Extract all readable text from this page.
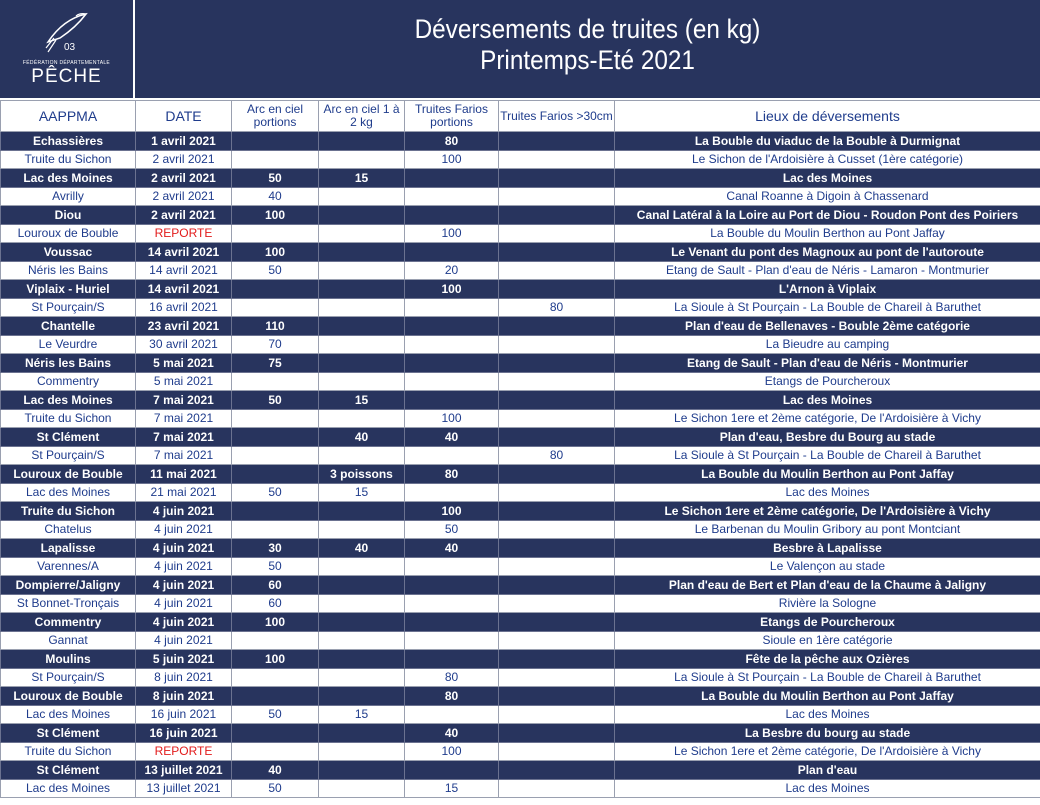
03
FÉDÉRATION DÉPARTEMENTALE
PÊCHE
Déversements de truites (en kg)
Printemps-Eté 2021
AAPPMA	DATE	Arc en ciel portions	Arc en ciel 1 à 2 kg	Truites Farios portions	Truites Farios >30cm	Lieux de déversements
Echassières	1 avril 2021			80		La Bouble du viaduc de la Bouble à Durmignat
Truite du Sichon	2 avril 2021			100		Le Sichon de l'Ardoisière à Cusset (1ère catégorie)
Lac des Moines	2 avril 2021	50	15			Lac des Moines
Avrilly	2 avril 2021	40				Canal Roanne à Digoin à Chassenard
Diou	2 avril 2021	100				Canal Latéral à la Loire au Port de Diou - Roudon Pont des Poiriers
Louroux de Bouble	REPORTE			100		La Bouble du Moulin Berthon au Pont Jaffay
Voussac	14 avril 2021	100				Le Venant du pont des Magnoux au pont de l'autoroute
Néris les Bains	14 avril 2021	50		20		Etang de Sault - Plan d'eau de Néris - Lamaron - Montmurier
Viplaix - Huriel	14 avril 2021			100		L'Arnon à Viplaix
St Pourçain/S	16 avril 2021				80	La Sioule à St Pourçain - La Bouble de Chareil à Baruthet
Chantelle	23 avril 2021	110				Plan d'eau de Bellenaves - Bouble 2ème catégorie
Le Veurdre	30 avril 2021	70				La Bieudre au camping
Néris les Bains	5 mai 2021	75				Etang de Sault - Plan d'eau de Néris - Montmurier
Commentry	5 mai 2021					Etangs de Pourcheroux
Lac des Moines	7 mai 2021	50	15			Lac des Moines
Truite du Sichon	7 mai 2021			100		Le Sichon 1ere et 2ème catégorie, De l'Ardoisière à Vichy
St Clément	7 mai 2021		40	40		Plan d'eau, Besbre du Bourg au stade
St Pourçain/S	7 mai 2021				80	La Sioule à St Pourçain - La Bouble de Chareil à Baruthet
Louroux de Bouble	11 mai 2021		3 poissons	80		La Bouble du Moulin Berthon au Pont Jaffay
Lac des Moines	21 mai 2021	50	15			Lac des Moines
Truite du Sichon	4 juin 2021			100		Le Sichon 1ere et 2ème catégorie, De l'Ardoisière à Vichy
Chatelus	4 juin 2021			50		Le Barbenan du Moulin Gribory au pont Montciant
Lapalisse	4 juin 2021	30	40	40		Besbre à Lapalisse
Varennes/A	4 juin 2021	50				Le Valençon au stade
Dompierre/Jaligny	4 juin 2021	60				Plan d'eau de Bert et Plan d'eau de la Chaume à Jaligny
St Bonnet-Tronçais	4 juin 2021	60				Rivière la Sologne
Commentry	4 juin 2021	100				Etangs de Pourcheroux
Gannat	4 juin 2021					Sioule en 1ère catégorie
Moulins	5 juin 2021	100				Fête de la pêche aux Ozières
St Pourçain/S	8 juin 2021			80		La Sioule à St Pourçain - La Bouble de Chareil à Baruthet
Louroux de Bouble	8 juin 2021			80		La Bouble du Moulin Berthon au Pont Jaffay
Lac des Moines	16 juin 2021	50	15			Lac des Moines
St Clément	16 juin 2021			40		La Besbre du bourg au stade
Truite du Sichon	REPORTE			100		Le Sichon 1ere et 2ème catégorie, De l'Ardoisière à Vichy
St Clément	13 juillet 2021	40				Plan d'eau
Lac des Moines	13 juillet 2021	50		15		Lac des Moines
